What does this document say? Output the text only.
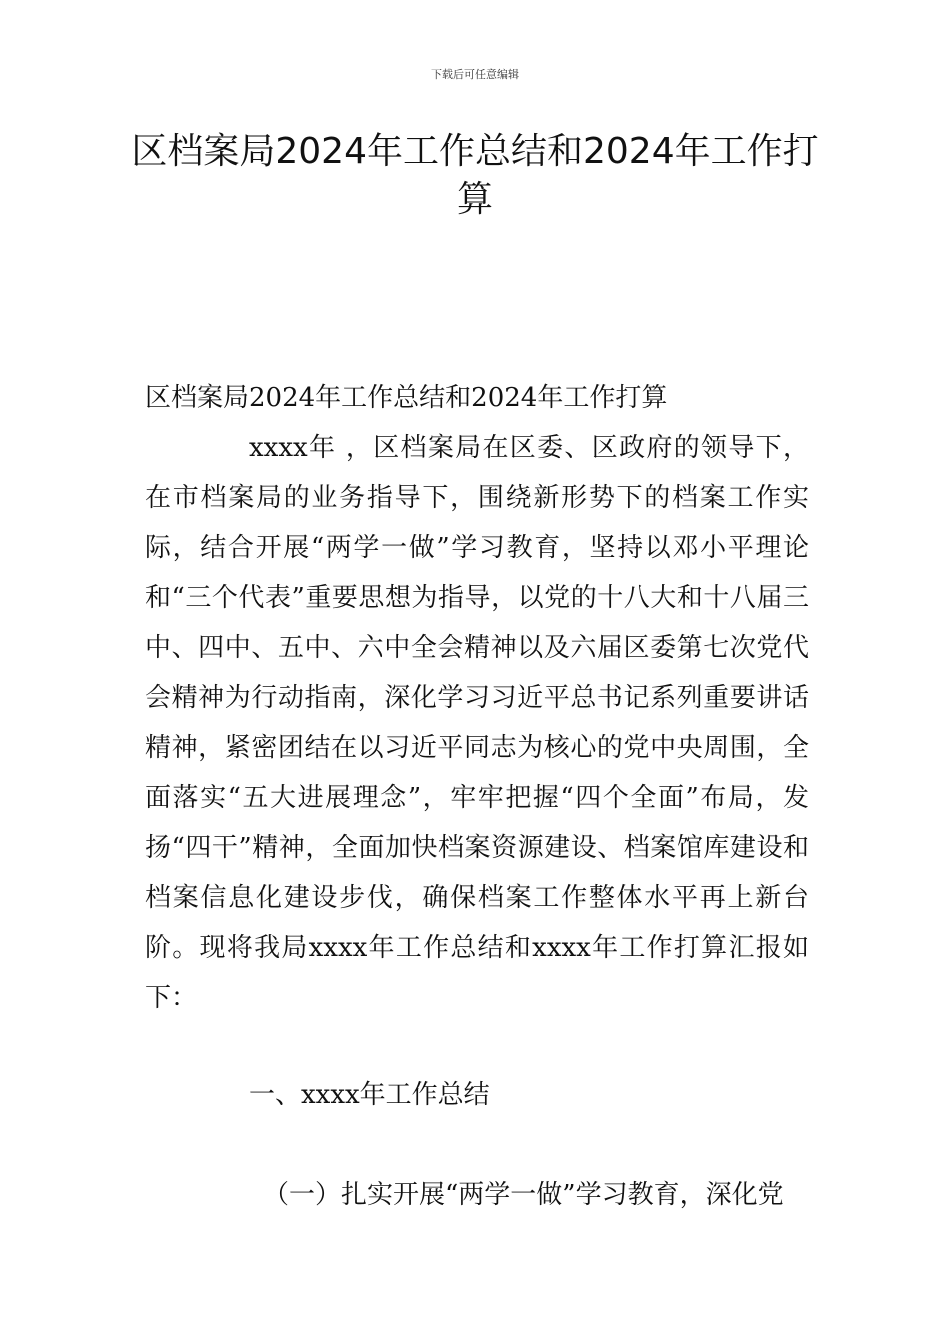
下载后可任意编辑
区档案局2024年工作总结和2024年工作打算
区档案局2024年工作总结和2024年工作打算
xxxx年 ，区档案局在区委、区政府的领导下，在市档案局的业务指导下，围绕新形势下的档案工作实际，结合开展“两学一做”学习教育，坚持以邓小平理论和“三个代表”重要思想为指导，以党的十八大和十八届三中、四中、五中、六中全会精神以及六届区委第七次党代会精神为行动指南，深化学习习近平总书记系列重要讲话精神，紧密团结在以习近平同志为核心的党中央周围，全面落实“五大进展理念”，牢牢把握“四个全面”布局，发扬“四干”精神，全面加快档案资源建设、档案馆库建设和档案信息化建设步伐，确保档案工作整体水平再上新台阶。现将我局xxxx年工作总结和xxxx年工作打算汇报如下：
一、xxxx年工作总结
（一）扎实开展“两学一做”学习教育，深化党
